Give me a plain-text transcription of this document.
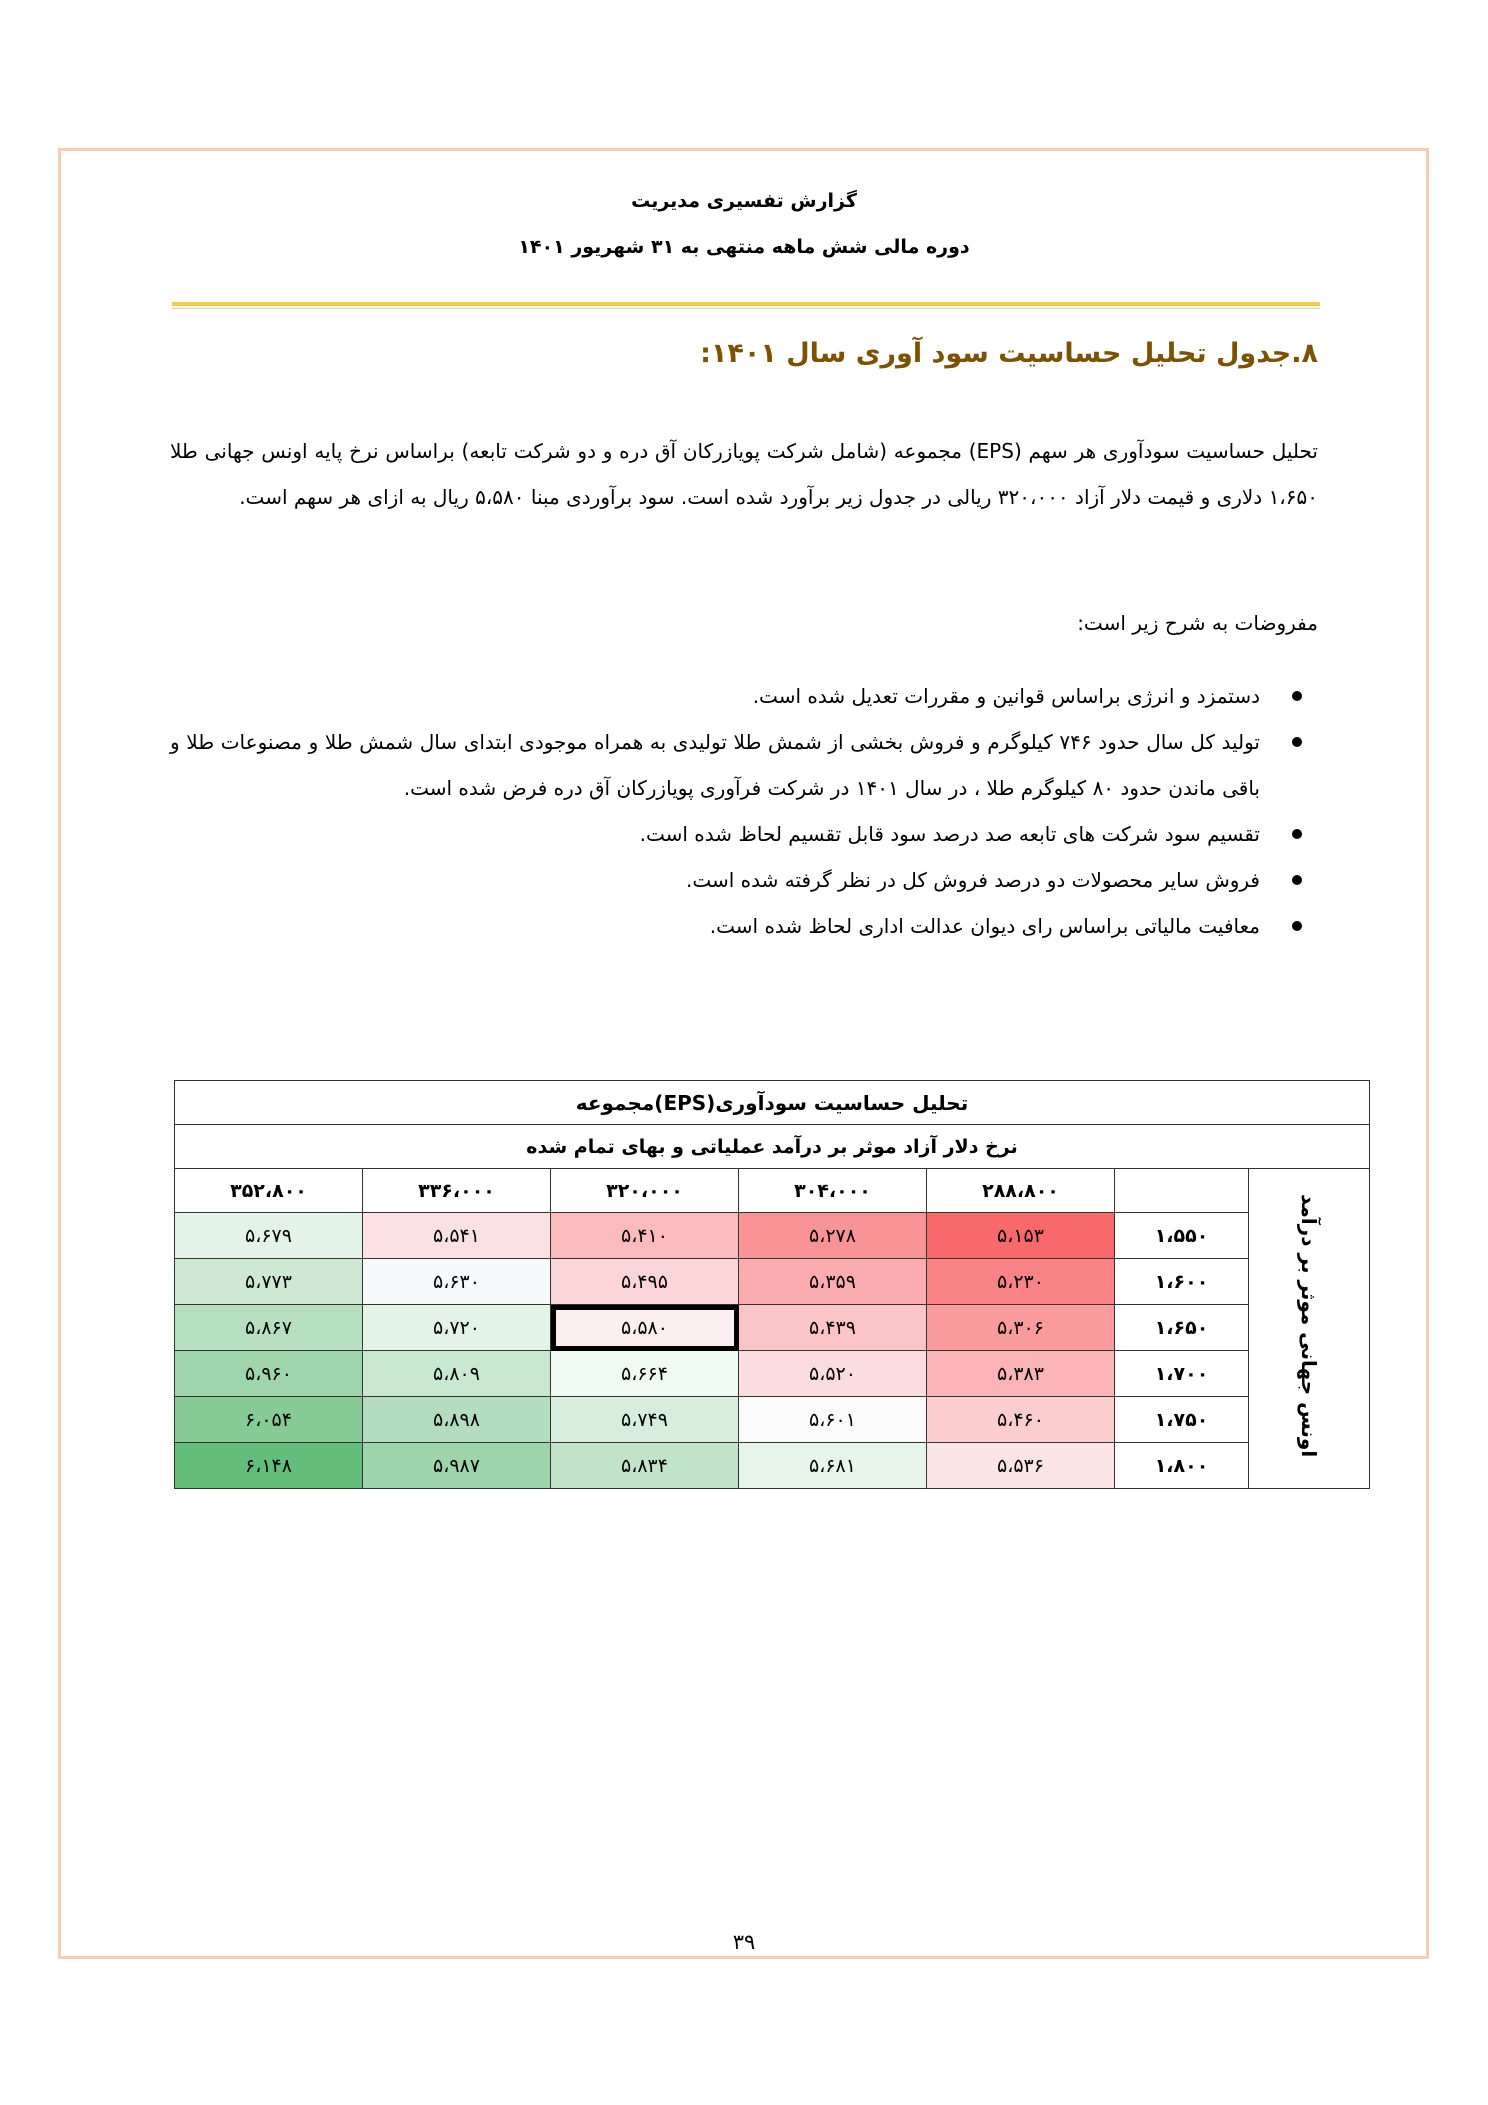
گزارش تفسیری مدیریت
دوره مالی شش ماهه منتهی به ۳۱ شهریور ۱۴۰۱
۸.جدول تحلیل حساسیت سود آوری سال ۱۴۰۱:
تحلیل حساسیت سودآوری هر سهم (EPS) مجموعه (شامل شرکت پویازرکان آق دره و دو شرکت تابعه) براساس نرخ پایه اونس جهانی طلا ۱،۶۵۰ دلاری و قیمت دلار آزاد ۳۲۰،۰۰۰ ریالی در جدول زیر برآورد شده است. سود برآوردی مبنا ۵،۵۸۰ ریال به ازای هر سهم است.
مفروضات به شرح زیر است:
دستمزد و انرژی براساس قوانین و مقررات تعدیل شده است.
تولید کل سال حدود ۷۴۶ کیلوگرم و فروش بخشی از شمش طلا تولیدی به همراه موجودی ابتدای سال شمش طلا و مصنوعات طلا و باقی ماندن حدود ۸۰ کیلوگرم طلا ، در سال ۱۴۰۱ در شرکت فرآوری پویازرکان آق دره فرض شده است.
تقسیم سود شرکت های تابعه صد درصد سود قابل تقسیم لحاظ شده است.
فروش سایر محصولات دو درصد فروش کل در نظر گرفته شده است.
معافیت مالیاتی براساس رای دیوان عدالت اداری لحاظ شده است.
تحلیل حساسیت سودآوری(EPS)مجموعه						
نرخ دلار آزاد موثر بر درآمد عملیاتی و بهای تمام شده						
اونس جهانی موثر بر درآمد		۲۸۸،۸۰۰	۳۰۴،۰۰۰	۳۲۰،۰۰۰	۳۳۶،۰۰۰	۳۵۲،۸۰۰
	۱،۵۵۰	۵،۱۵۳	۵،۲۷۸	۵،۴۱۰	۵،۵۴۱	۵،۶۷۹
	۱،۶۰۰	۵،۲۳۰	۵،۳۵۹	۵،۴۹۵	۵،۶۳۰	۵،۷۷۳
	۱،۶۵۰	۵،۳۰۶	۵،۴۳۹	۵،۵۸۰	۵،۷۲۰	۵،۸۶۷
	۱،۷۰۰	۵،۳۸۳	۵،۵۲۰	۵،۶۶۴	۵،۸۰۹	۵،۹۶۰
	۱،۷۵۰	۵،۴۶۰	۵،۶۰۱	۵،۷۴۹	۵،۸۹۸	۶،۰۵۴
	۱،۸۰۰	۵،۵۳۶	۵،۶۸۱	۵،۸۳۴	۵،۹۸۷	۶،۱۴۸
۳۹
